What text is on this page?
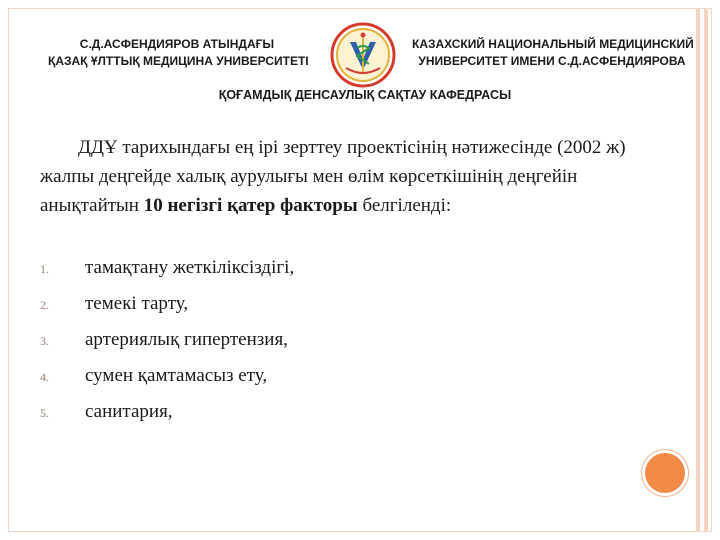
С.Д.АСФЕНДИЯРОВ АТЫНДАҒЫ
ҚАЗАҚ ҰЛТТЫҚ МЕДИЦИНА УНИВЕРСИТЕТІ
КАЗАХСКИЙ НАЦИОНАЛЬНЫЙ МЕДИЦИНСКИЙ
УНИВЕРСИТЕТ ИМЕНИ С.Д.АСФЕНДИЯРОВА
ҚОҒАМДЫҚ ДЕНСАУЛЫҚ САҚТАУ КАФЕДРАСЫ

ДДҰ тарихындағы ең ірі зерттеу проектісінің нәтижесінде (2002 ж) жалпы деңгейде халық аурулығы мен өлім көрсеткішінің деңгейін анықтайтын 10 негізгі қатер факторы белгіленді:

1. тамақтану жеткіліксіздігі,
2. темекі тарту,
3. артериялық гипертензия,
4. сумен қамтамасыз ету,
5. санитария,
